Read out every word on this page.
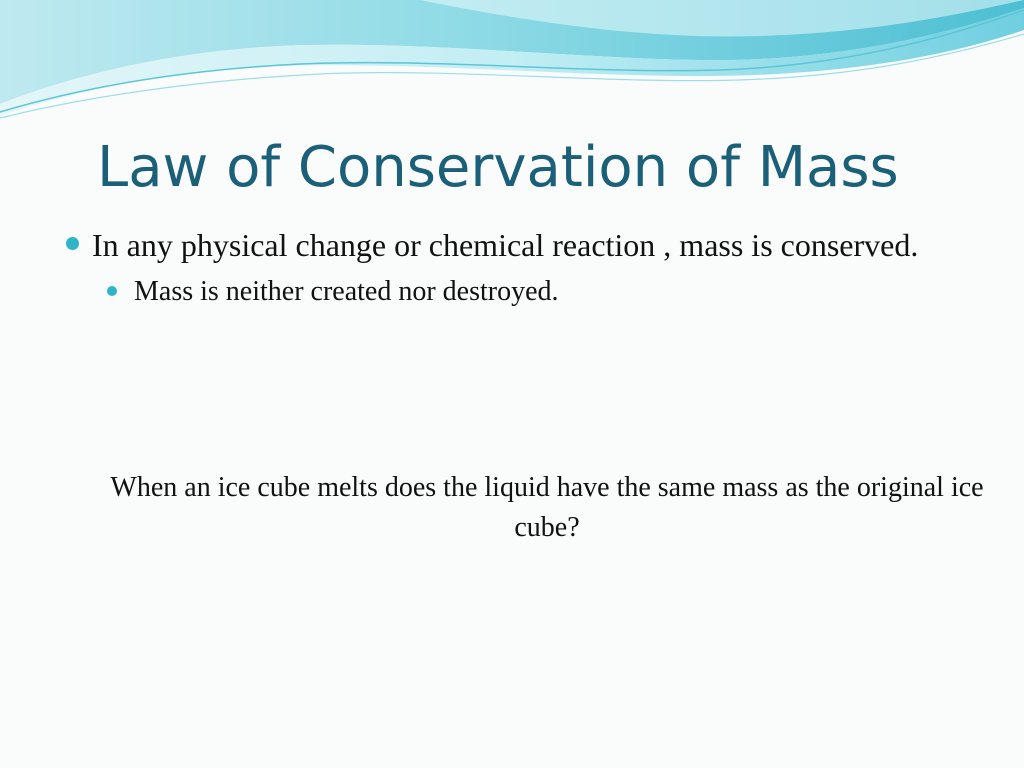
Law of Conservation of Mass
In any physical change or chemical reaction , mass is conserved.
Mass is neither created nor destroyed.

When an ice cube melts does the liquid have the same mass as the original ice cube?
